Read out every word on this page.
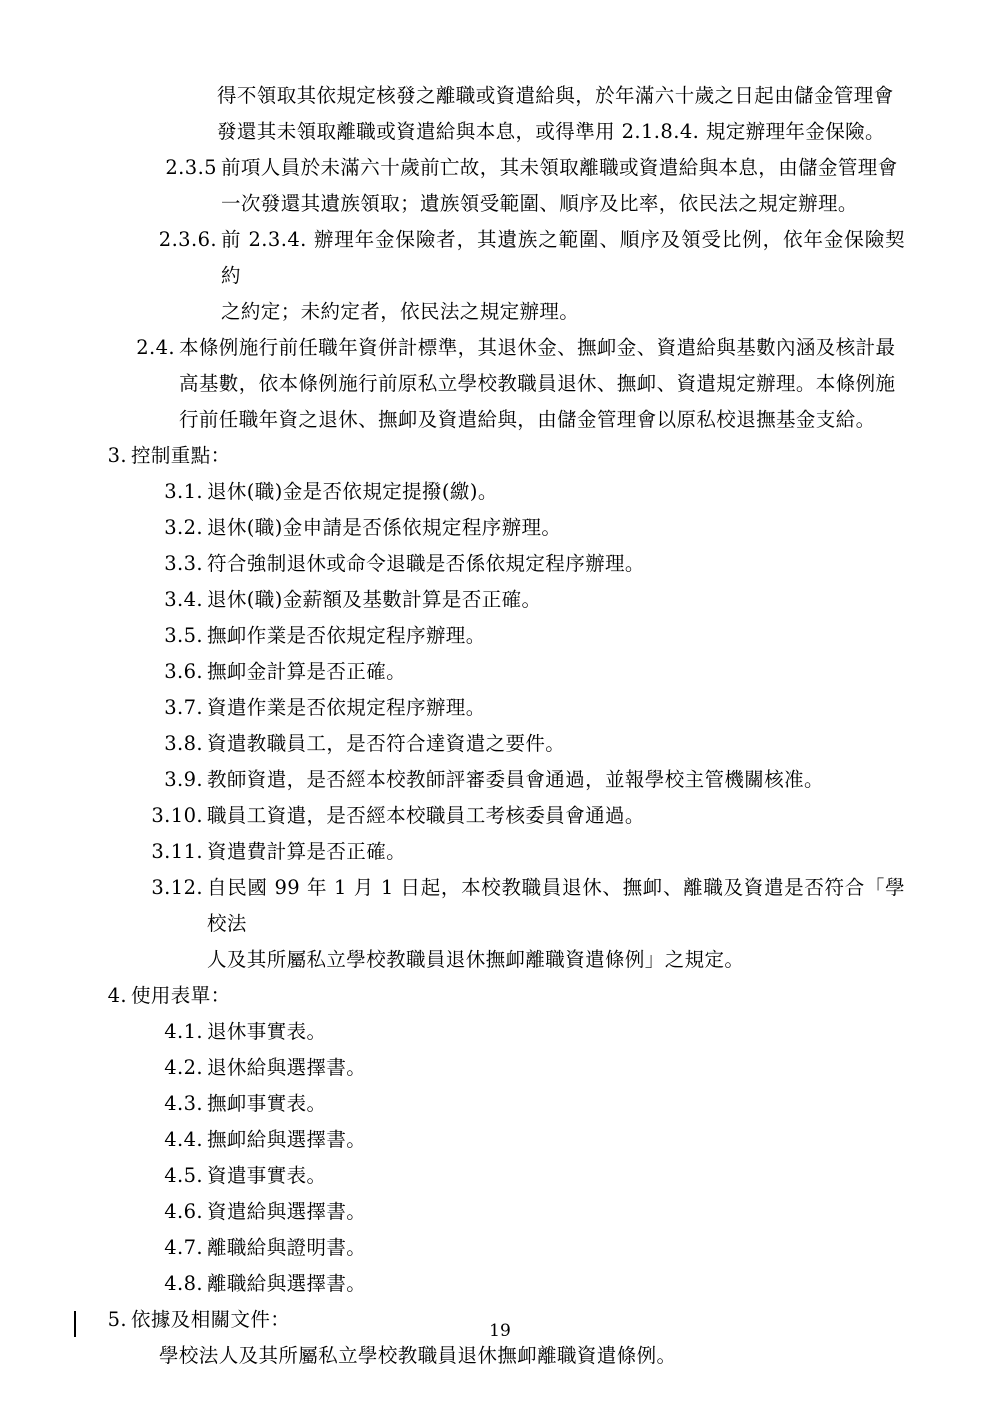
得不領取其依規定核發之離職或資遣給與，於年滿六十歲之日起由儲金管理會
發還其未領取離職或資遣給與本息，或得準用 2.1.8.4. 規定辦理年金保險。
2.3.5 前項人員於未滿六十歲前亡故，其未領取離職或資遣給與本息，由儲金管理會
一次發還其遺族領取；遺族領受範圍、順序及比率，依民法之規定辦理。
2.3.6. 前 2.3.4. 辦理年金保險者，其遺族之範圍、順序及領受比例，依年金保險契約
之約定；未約定者，依民法之規定辦理。
2.4. 本條例施行前任職年資併計標準，其退休金、撫卹金、資遣給與基數內涵及核計最
高基數，依本條例施行前原私立學校教職員退休、撫卹、資遣規定辦理。本條例施
行前任職年資之退休、撫卹及資遣給與，由儲金管理會以原私校退撫基金支給。
3. 控制重點：
3.1. 退休(職)金是否依規定提撥(繳)。
3.2. 退休(職)金申請是否係依規定程序辦理。
3.3. 符合強制退休或命令退職是否係依規定程序辦理。
3.4. 退休(職)金薪額及基數計算是否正確。
3.5. 撫卹作業是否依規定程序辦理。
3.6. 撫卹金計算是否正確。
3.7. 資遣作業是否依規定程序辦理。
3.8. 資遣教職員工，是否符合達資遣之要件。
3.9. 教師資遣，是否經本校教師評審委員會通過，並報學校主管機關核准。
3.10. 職員工資遣，是否經本校職員工考核委員會通過。
3.11. 資遣費計算是否正確。
3.12. 自民國 99 年 1 月 1 日起，本校教職員退休、撫卹、離職及資遣是否符合「學校法
人及其所屬私立學校教職員退休撫卹離職資遣條例」之規定。
4. 使用表單：
4.1. 退休事實表。
4.2. 退休給與選擇書。
4.3. 撫卹事實表。
4.4. 撫卹給與選擇書。
4.5. 資遣事實表。
4.6. 資遣給與選擇書。
4.7. 離職給與證明書。
4.8. 離職給與選擇書。
5. 依據及相關文件：
學校法人及其所屬私立學校教職員退休撫卹離職資遣條例。
19
